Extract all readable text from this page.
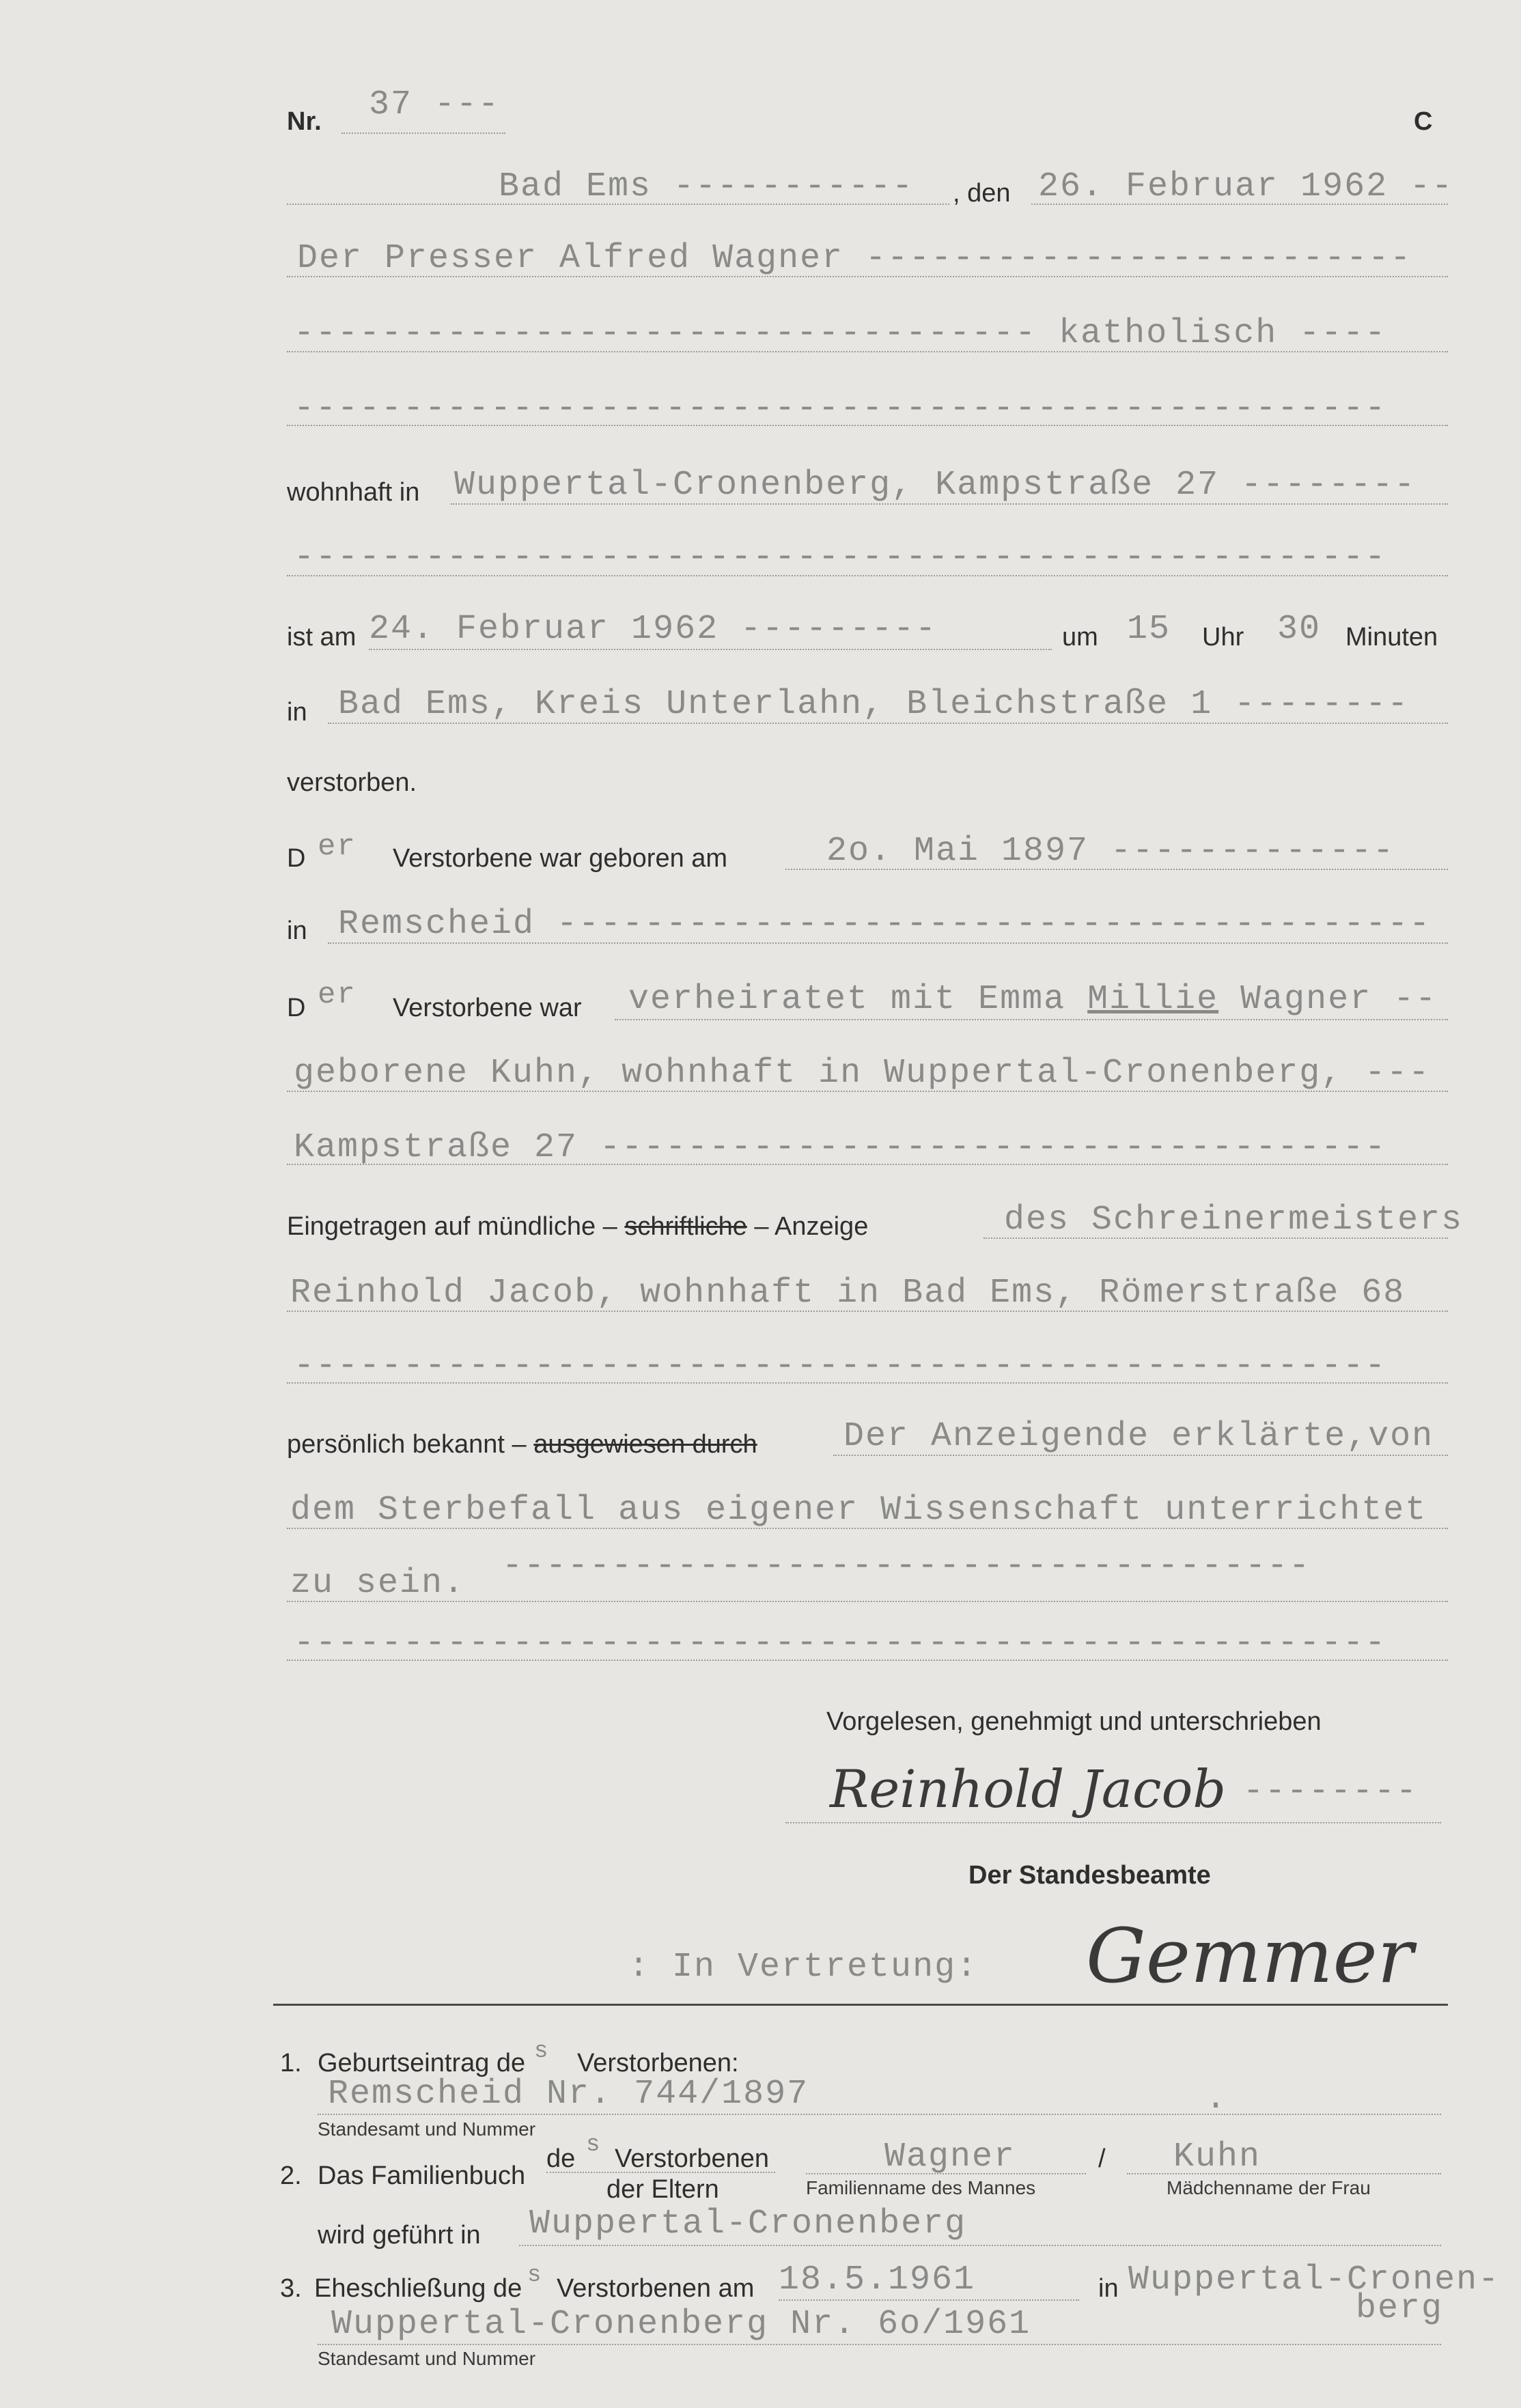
Nr. 37 ---	C
Bad Ems ----------- , den 26. Februar 1962 --
Der Presser Alfred Wagner -------------------------
---------------------------------- katholisch ----
--------------------------------------------------
wohnhaft in Wuppertal-Cronenberg, Kampstraße 27 --------
--------------------------------------------------
ist am 24. Februar 1962 ---------	um 15 Uhr 30 Minuten
in Bad Ems, Kreis Unterlahn, Bleichstraße 1 --------
verstorben.
D er Verstorbene war geboren am	2o. Mai 1897 -------------
in Remscheid ----------------------------------------
D er Verstorbene war verheiratet mit Emma Millie Wagner --
geborene Kuhn, wohnhaft in Wuppertal-Cronenberg, ---
Kampstraße 27 ------------------------------------
Eingetragen auf mündliche – schriftliche – Anzeige	des Schreinermeisters
Reinhold Jacob, wohnhaft in Bad Ems, Römerstraße 68
--------------------------------------------------
persönlich bekannt – ausgewiesen durch	Der Anzeigende erklärte,von
dem Sterbefall aus eigener Wissenschaft unterrichtet
zu sein. -------------------------------------
--------------------------------------------------
Vorgelesen, genehmigt und unterschrieben
Reinhold Jacob --------
Der Standesbeamte
: In Vertretung: Gemmer
1. Geburtseintrag de s Verstorbenen:
Remscheid Nr. 744/1897	.
Standesamt und Nummer
2. Das Familienbuch
de s Verstorbenen
der Eltern
Wagner	/ Kuhn
Familienname des Mannes	Mädchenname der Frau
wird geführt in Wuppertal-Cronenberg
3. Eheschließung de s Verstorbenen am 18.5.1961	in Wuppertal-Cronen-
berg
Wuppertal-Cronenberg Nr. 6o/1961
Standesamt und Nummer
